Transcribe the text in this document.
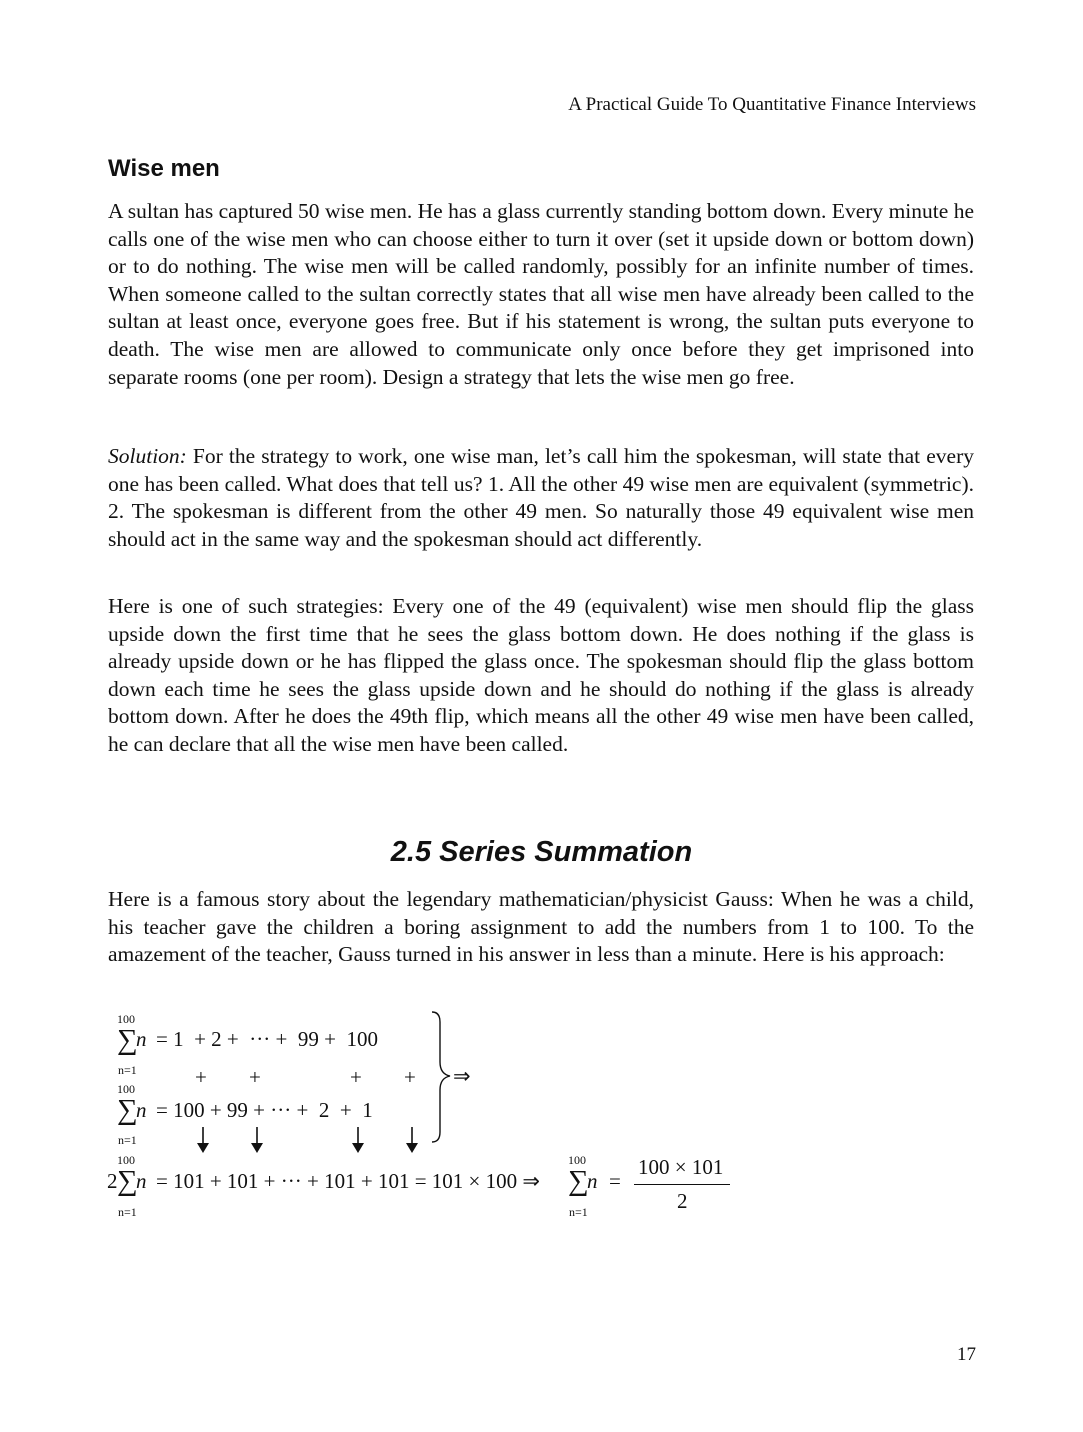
A Practical Guide To Quantitative Finance Interviews
Wise men

A sultan has captured 50 wise men. He has a glass currently standing bottom down. Every minute he calls one of the wise men who can choose either to turn it over (set it upside down or bottom down) or to do nothing. The wise men will be called randomly, possibly for an infinite number of times. When someone called to the sultan correctly states that all wise men have already been called to the sultan at least once, everyone goes free. But if his statement is wrong, the sultan puts everyone to death. The wise men are allowed to communicate only once before they get imprisoned into separate rooms (one per room). Design a strategy that lets the wise men go free.

Solution: For the strategy to work, one wise man, let’s call him the spokesman, will state that every one has been called. What does that tell us? 1. All the other 49 wise men are equivalent (symmetric). 2. The spokesman is different from the other 49 men. So naturally those 49 equivalent wise men should act in the same way and the spokesman should act differently.

Here is one of such strategies: Every one of the 49 (equivalent) wise men should flip the glass upside down the first time that he sees the glass bottom down. He does nothing if the glass is already upside down or he has flipped the glass once. The spokesman should flip the glass bottom down each time he sees the glass upside down and he should do nothing if the glass is already bottom down. After he does the 49th flip, which means all the other 49 wise men have been called, he can declare that all the wise men have been called.

2.5 Series Summation

Here is a famous story about the legendary mathematician/physicist Gauss: When he was a child, his teacher gave the children a boring assignment to add the numbers from 1 to 100. To the amazement of the teacher, Gauss turned in his answer in less than a minute. Here is his approach:

100
∑
n = 1  + 2 +  ··· +  99 +  100
n=1	+ +	+ +
100
∑
n = 100 + 99 + ··· +  2  +  1
n=1
⇒
100
2 ∑
n = 101 + 101 + ··· + 101 + 101 = 101 × 100 ⇒
n=1
100
∑
n =
n=1
100 × 101
2
17
